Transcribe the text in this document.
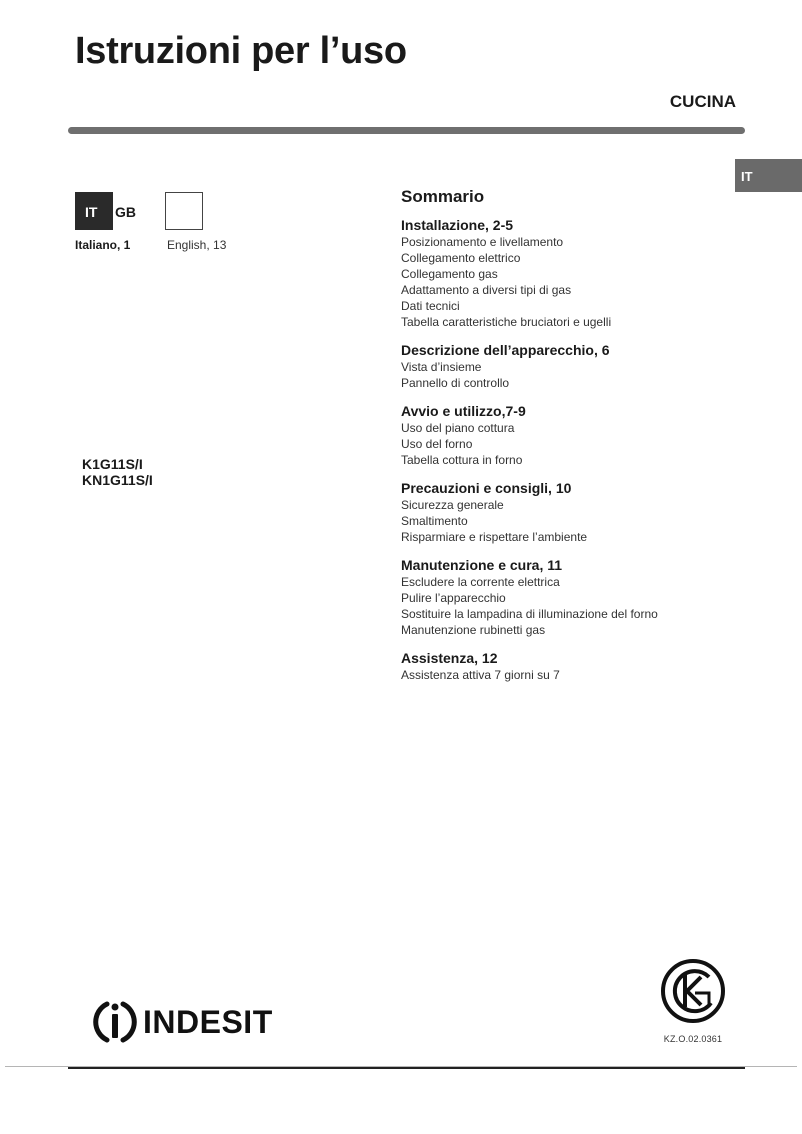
Istruzioni per l’uso
CUCINA
IT
IT	GB
Italiano, 1	English, 13
K1G11S/I
KN1G11S/I
Sommario
Installazione, 2-5
Posizionamento e livellamento
Collegamento elettrico
Collegamento gas
Adattamento a diversi tipi di gas
Dati tecnici
Tabella caratteristiche bruciatori e ugelli
Descrizione dell’apparecchio, 6
Vista d’insieme
Pannello di controllo
Avvio e utilizzo,7-9
Uso del piano cottura
Uso del forno
Tabella cottura in forno
Precauzioni e consigli, 10
Sicurezza generale
Smaltimento
Risparmiare e rispettare l’ambiente
Manutenzione e cura, 11
Escludere la corrente elettrica
Pulire l’apparecchio
Sostituire la lampadina di illuminazione del forno
Manutenzione rubinetti gas
Assistenza, 12
Assistenza attiva 7 giorni su 7
INDESIT	KZ.O.02.0361
